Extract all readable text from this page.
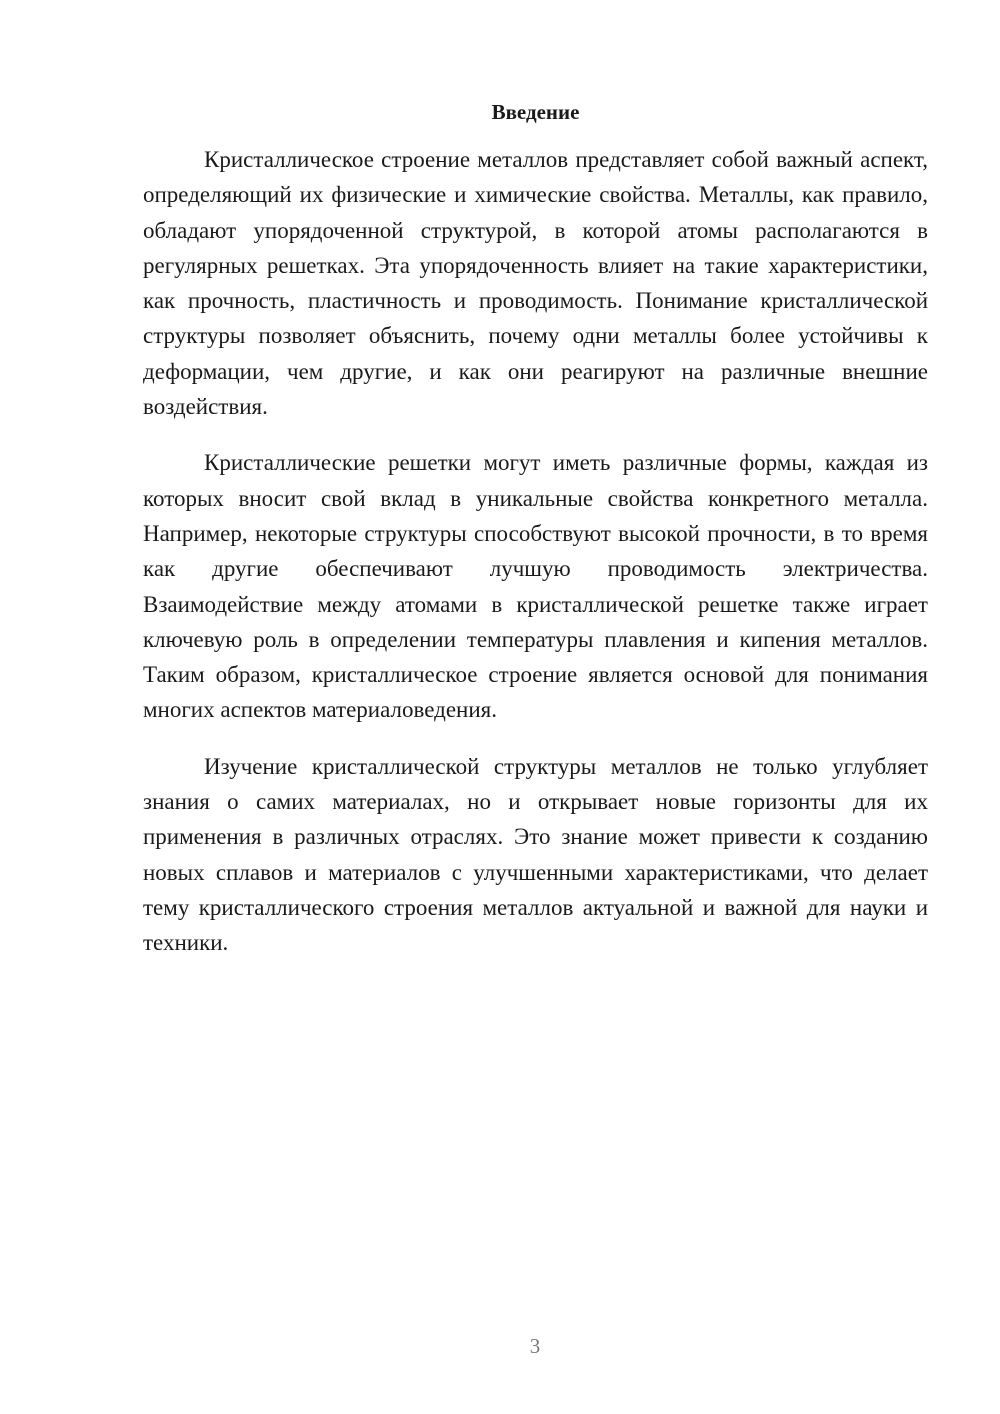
Введение

Кристаллическое строение металлов представляет собой важный аспект, определяющий их физические и химические свойства. Металлы, как правило, обладают упорядоченной структурой, в которой атомы располагаются в регулярных решетках. Эта упорядоченность влияет на такие характеристики, как прочность, пластичность и проводимость. Понимание кристаллической структуры позволяет объяснить, почему одни металлы более устойчивы к деформации, чем другие, и как они реагируют на различные внешние воздействия.

Кристаллические решетки могут иметь различные формы, каждая из которых вносит свой вклад в уникальные свойства конкретного металла. Например, некоторые структуры способствуют высокой прочности, в то время как другие обеспечивают лучшую проводимость электричества. Взаимодействие между атомами в кристаллической решетке также играет ключевую роль в определении температуры плавления и кипения металлов. Таким образом, кристаллическое строение является основой для понимания многих аспектов материаловедения.

Изучение кристаллической структуры металлов не только углубляет знания о самих материалах, но и открывает новые горизонты для их применения в различных отраслях. Это знание может привести к созданию новых сплавов и материалов с улучшенными характеристиками, что делает тему кристаллического строения металлов актуальной и важной для науки и техники.

3
